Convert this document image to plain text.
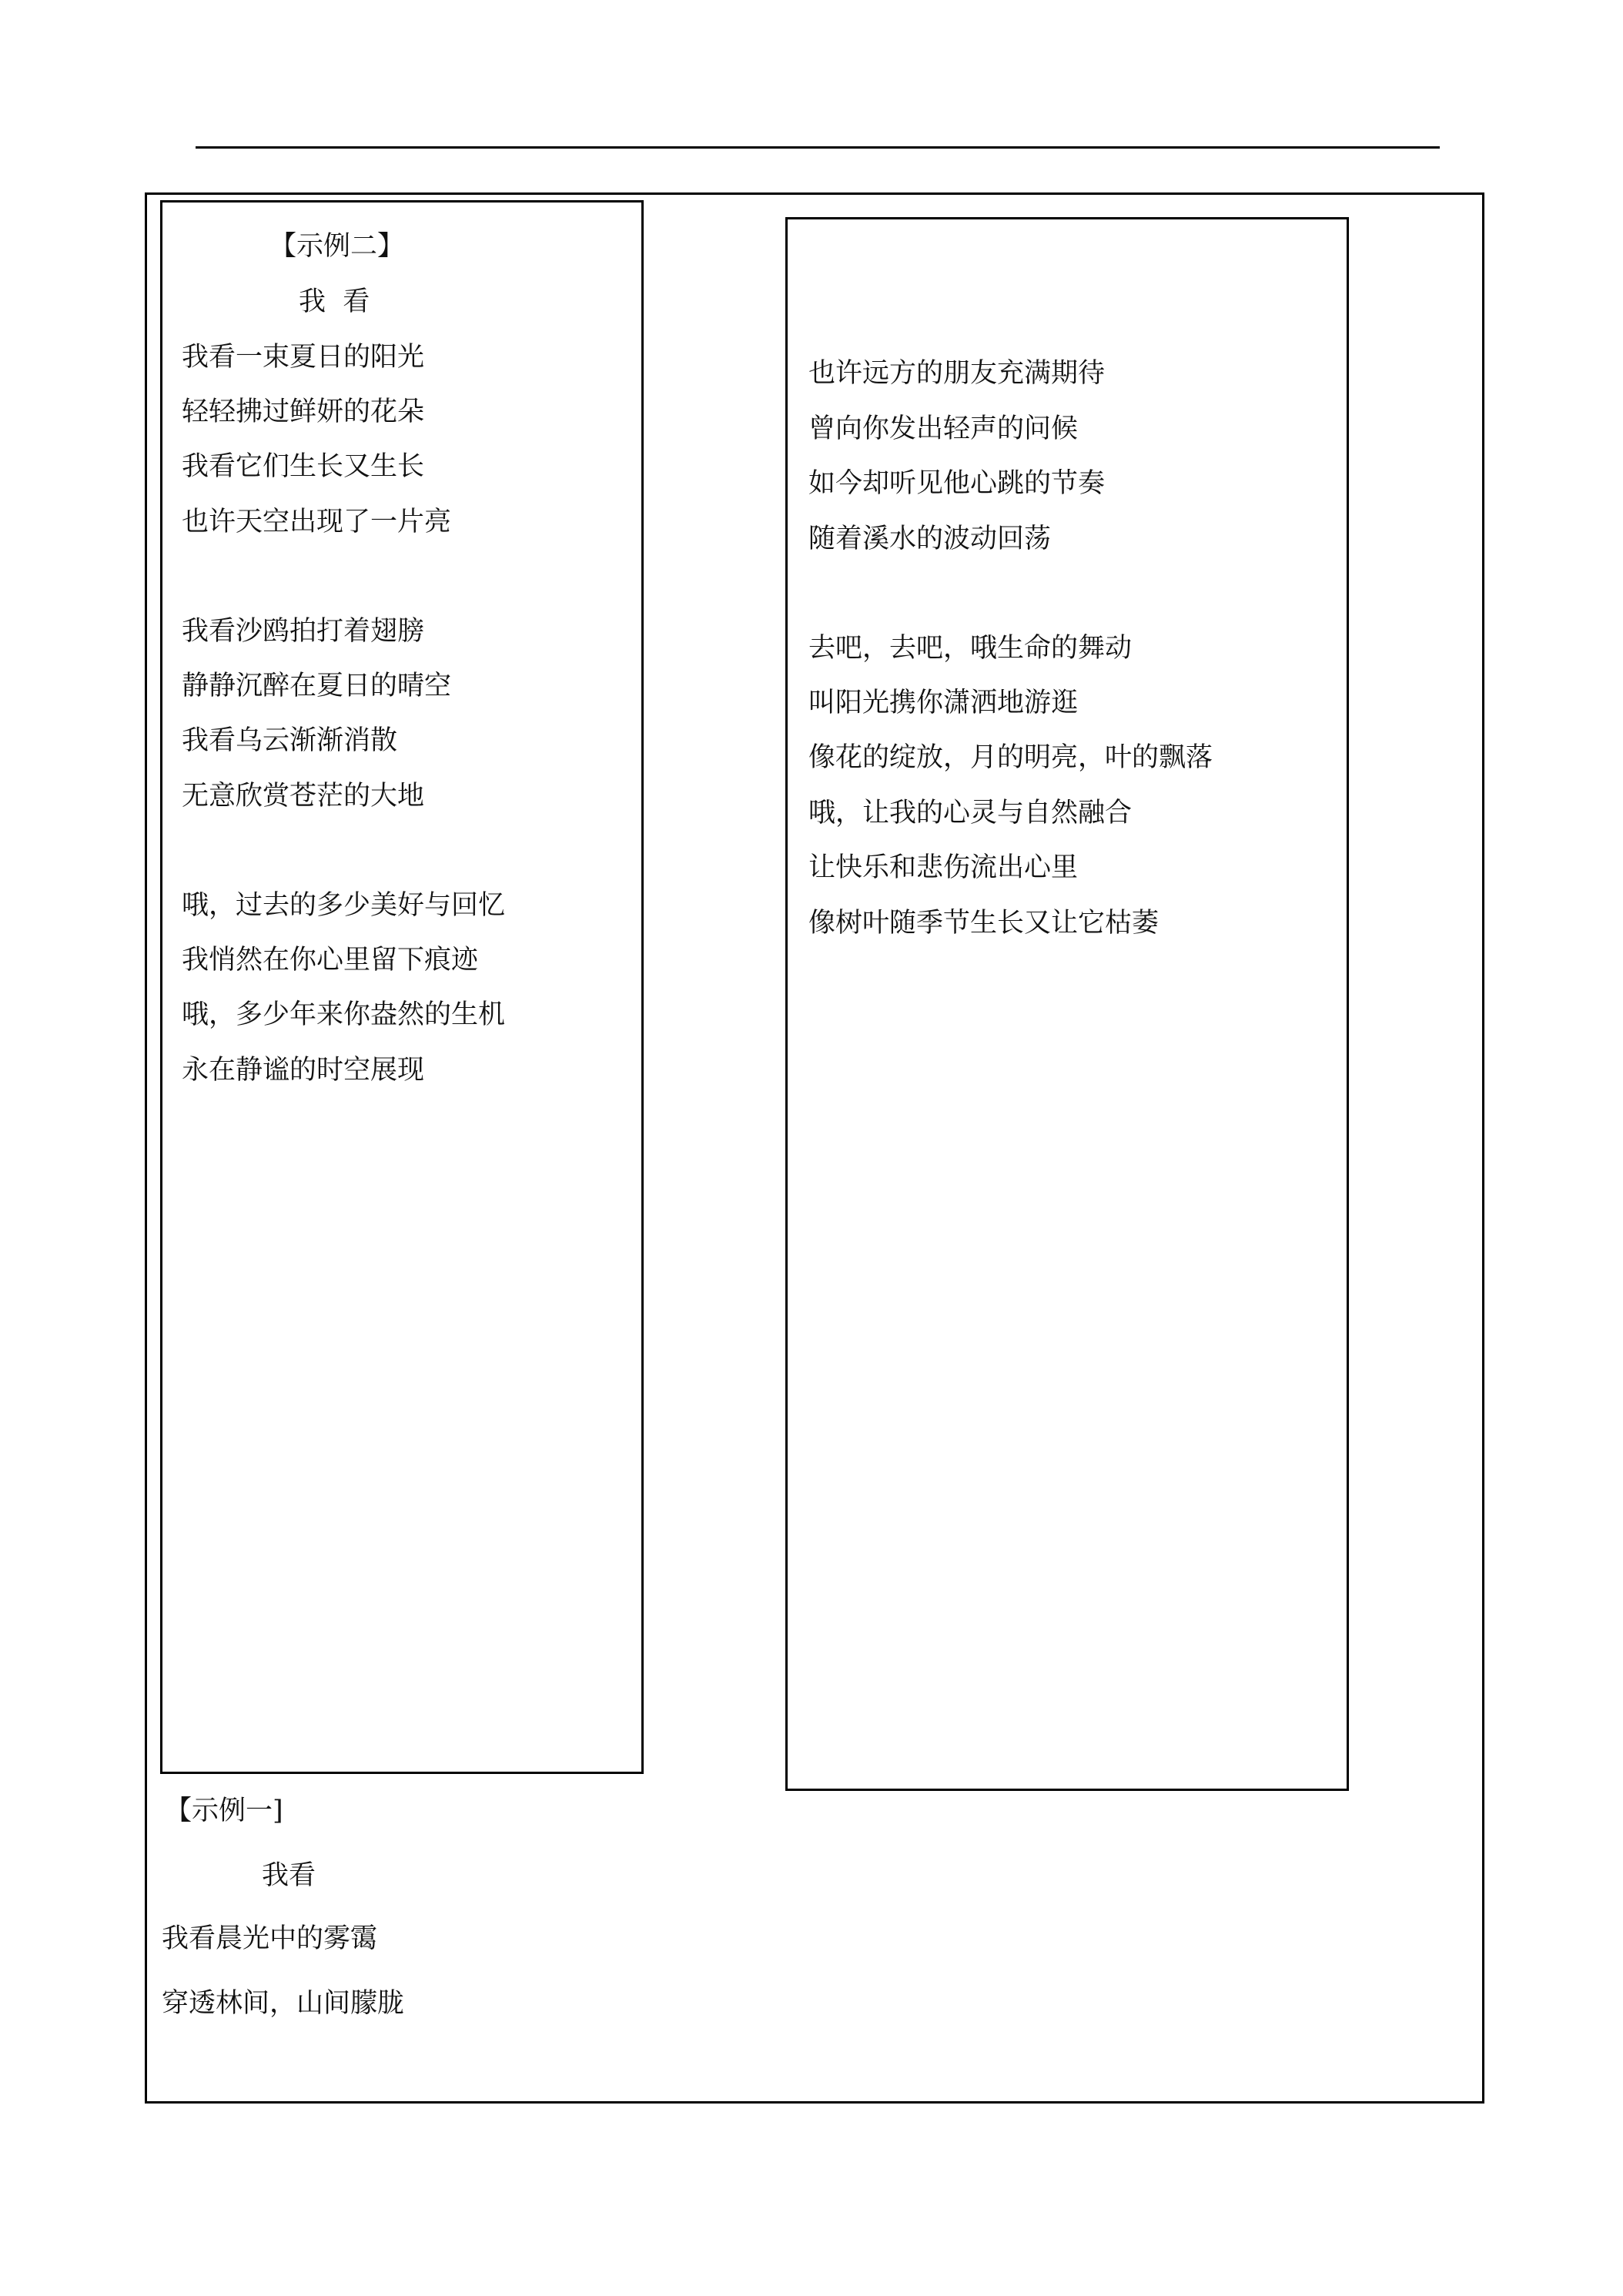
【示例二】
我  看
我看一束夏日的阳光
轻轻拂过鲜妍的花朵
我看它们生长又生长
也许天空出现了一片亮
我看沙鸥拍打着翅膀
静静沉醉在夏日的晴空
我看乌云渐渐消散
无意欣赏苍茫的大地
哦，过去的多少美好与回忆
我悄然在你心里留下痕迹
哦，多少年来你盎然的生机
永在静谧的时空展现
也许远方的朋友充满期待
曾向你发出轻声的问候
如今却听见他心跳的节奏
随着溪水的波动回荡
去吧，去吧，哦生命的舞动
叫阳光携你潇洒地游逛
像花的绽放，月的明亮，叶的飘落
哦，让我的心灵与自然融合
让快乐和悲伤流出心里
像树叶随季节生长又让它枯萎
【示例一]
我看
我看晨光中的雾霭
穿透林间，山间朦胧
